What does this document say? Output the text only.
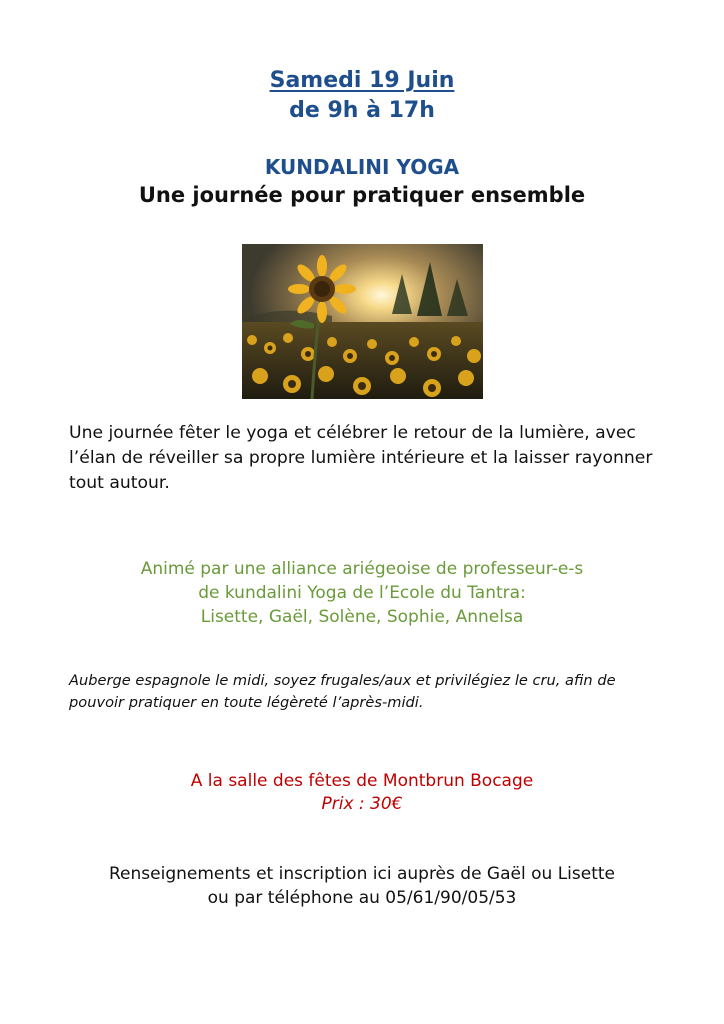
Samedi 19 Juin
de 9h à 17h
KUNDALINI YOGA
Une journée pour pratiquer ensemble
Une journée fêter le yoga et célébrer le retour de la lumière, avec l’élan de réveiller sa propre lumière intérieure et la laisser rayonner tout autour.
Animé par une alliance ariégeoise de professeur-e-s
de kundalini Yoga de l’Ecole du Tantra:
Lisette, Gaël, Solène, Sophie, Annelsa
Auberge espagnole le midi, soyez frugales/aux et privilégiez le cru, afin de pouvoir pratiquer en toute légèreté l’après-midi.
A la salle des fêtes de Montbrun Bocage
Prix : 30€
Renseignements et inscription ici auprès de Gaël ou Lisette
ou par téléphone au 05/61/90/05/53
